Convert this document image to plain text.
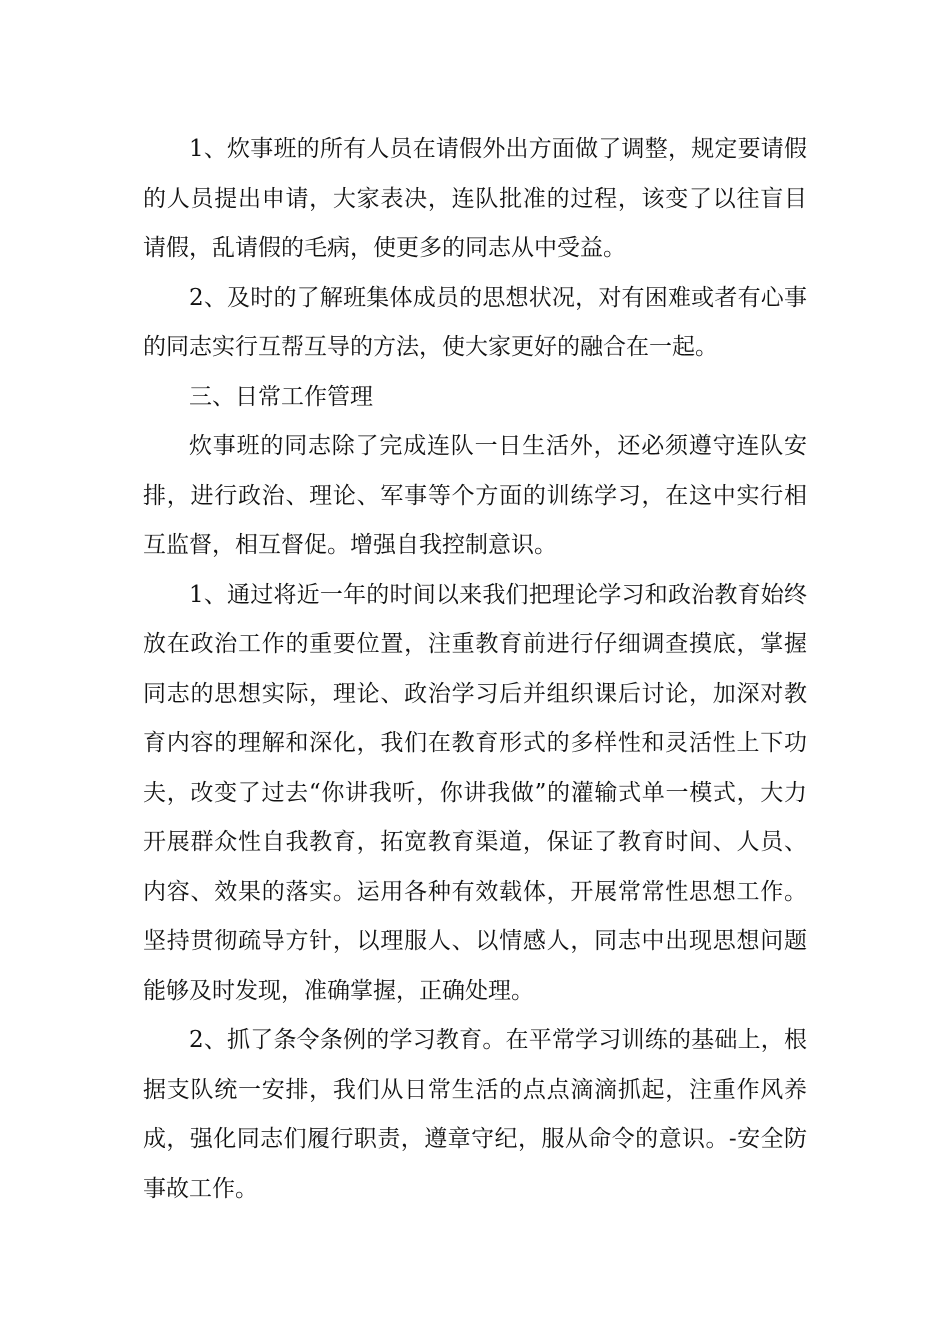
1、炊事班的所有人员在请假外出方面做了调整，规定要请假的人员提出申请，大家表决，连队批准的过程，该变了以往盲目请假，乱请假的毛病，使更多的同志从中受益。

2、及时的了解班集体成员的思想状况，对有困难或者有心事的同志实行互帮互导的方法，使大家更好的融合在一起。

三、日常工作管理

炊事班的同志除了完成连队一日生活外，还必须遵守连队安排，进行政治、理论、军事等个方面的训练学习，在这中实行相互监督，相互督促。增强自我控制意识。

1、通过将近一年的时间以来我们把理论学习和政治教育始终放在政治工作的重要位置，注重教育前进行仔细调查摸底，掌握同志的思想实际，理论、政治学习后并组织课后讨论，加深对教育内容的理解和深化，我们在教育形式的多样性和灵活性上下功夫，改变了过去“你讲我听，你讲我做”的灌输式单一模式，大力开展群众性自我教育，拓宽教育渠道，保证了教育时间、人员、内容、效果的落实。运用各种有效载体，开展常常性思想工作。坚持贯彻疏导方针，以理服人、以情感人，同志中出现思想问题能够及时发现，准确掌握，正确处理。

2、抓了条令条例的学习教育。在平常学习训练的基础上，根据支队统一安排，我们从日常生活的点点滴滴抓起，注重作风养成，强化同志们履行职责，遵章守纪，服从命令的意识。-安全防事故工作。
